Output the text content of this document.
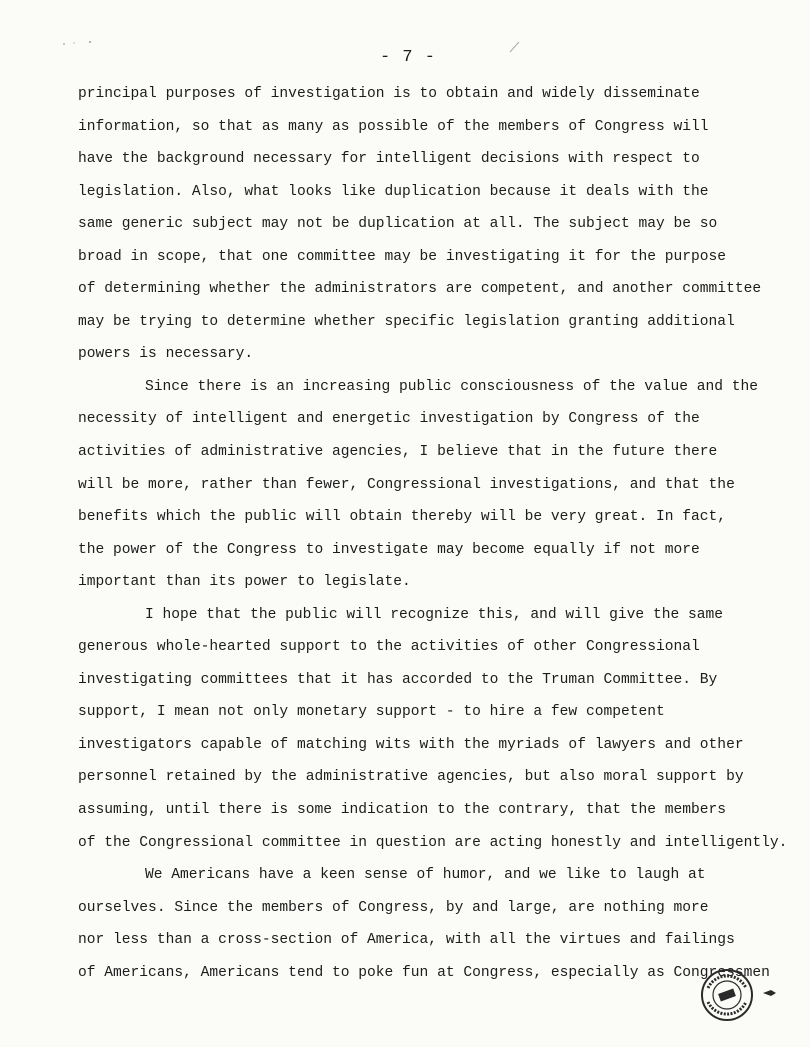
- 7 -
principal purposes of investigation is to obtain and widely disseminate
information, so that as many as possible of the members of Congress will
have the background necessary for intelligent decisions with respect to
legislation. Also, what looks like duplication because it deals with the
same generic subject may not be duplication at all. The subject may be so
broad in scope, that one committee may be investigating it for the purpose
of determining whether the administrators are competent, and another committee
may be trying to determine whether specific legislation granting additional
powers is necessary.
Since there is an increasing public consciousness of the value and the
necessity of intelligent and energetic investigation by Congress of the
activities of administrative agencies, I believe that in the future there
will be more, rather than fewer, Congressional investigations, and that the
benefits which the public will obtain thereby will be very great. In fact,
the power of the Congress to investigate may become equally if not more
important than its power to legislate.
I hope that the public will recognize this, and will give the same
generous whole-hearted support to the activities of other Congressional
investigating committees that it has accorded to the Truman Committee. By
support, I mean not only monetary support - to hire a few competent
investigators capable of matching wits with the myriads of lawyers and other
personnel retained by the administrative agencies, but also moral support by
assuming, until there is some indication to the contrary, that the members
of the Congressional committee in question are acting honestly and intelligently.
We Americans have a keen sense of humor, and we like to laugh at
ourselves. Since the members of Congress, by and large, are nothing more
nor less than a cross-section of America, with all the virtues and failings
of Americans, Americans tend to poke fun at Congress, especially as Congressmen
